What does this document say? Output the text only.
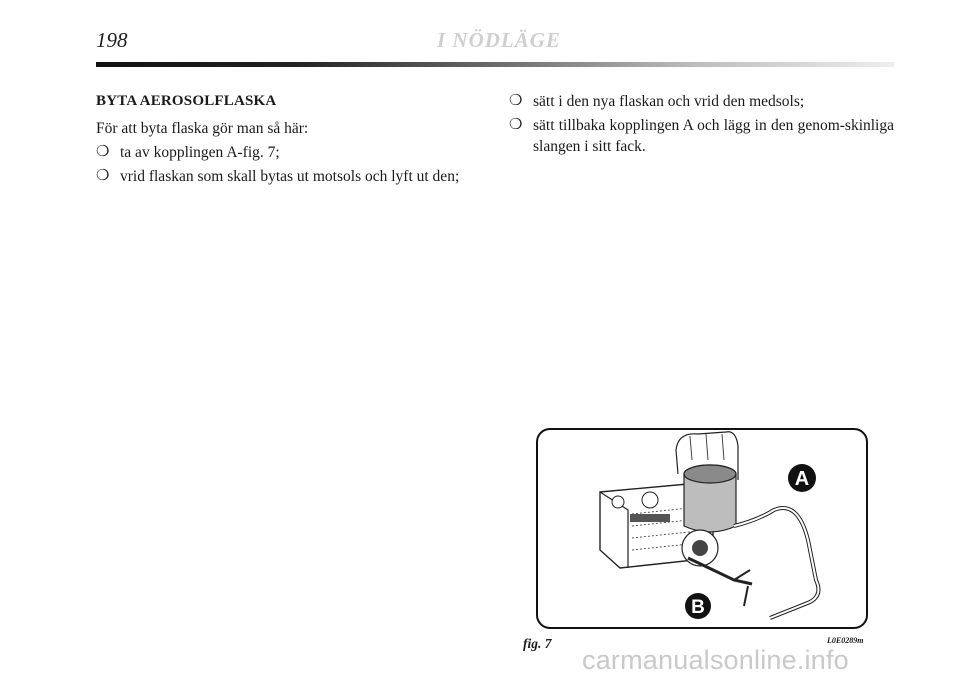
198	I NÖDLÄGE
BYTA AEROSOLFLASKA
För att byta flaska gör man så här:
❍ ta av kopplingen A-fig. 7;
❍ vrid flaskan som skall bytas ut motsols och lyft ut den;
❍ sätt i den nya flaskan och vrid den medsols;
❍ sätt tillbaka kopplingen A och lägg in den genom-skinliga slangen i sitt fack.
A
B
fig. 7	L0E0289m
carmanualsonline.info
